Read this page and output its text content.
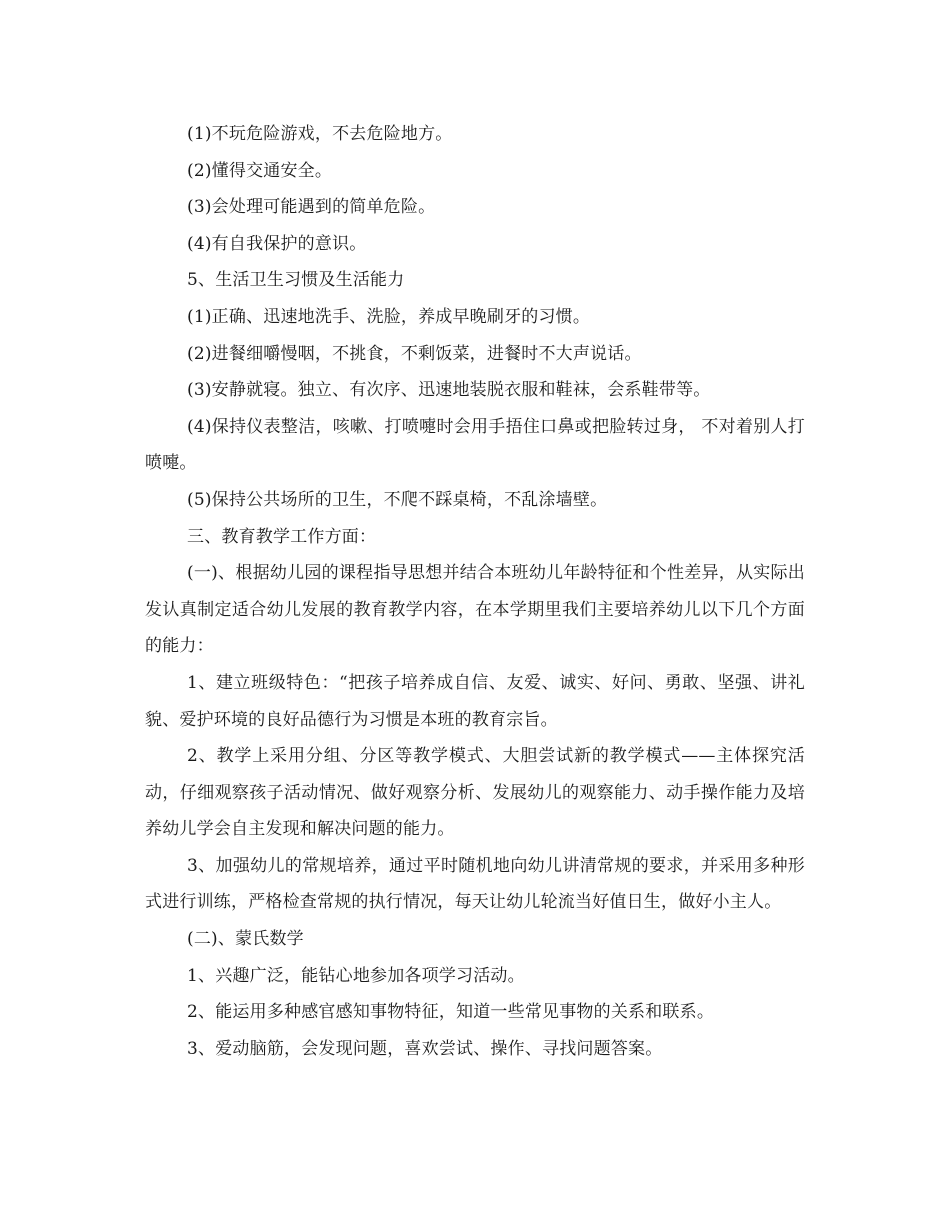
(1)不玩危险游戏，不去危险地方。

(2)懂得交通安全。

(3)会处理可能遇到的简单危险。

(4)有自我保护的意识。

5、生活卫生习惯及生活能力

(1)正确、迅速地洗手、洗脸，养成早晚刷牙的习惯。

(2)进餐细嚼慢咽，不挑食，不剩饭菜，进餐时不大声说话。

(3)安静就寝。独立、有次序、迅速地装脱衣服和鞋袜，会系鞋带等。

(4)保持仪表整洁，咳嗽、打喷嚏时会用手捂住口鼻或把脸转过身， 不对着别人打喷嚏。

(5)保持公共场所的卫生，不爬不踩桌椅，不乱涂墙壁。

三、教育教学工作方面：

(一)、根据幼儿园的课程指导思想并结合本班幼儿年龄特征和个性差异，从实际出发认真制定适合幼儿发展的教育教学内容，在本学期里我们主要培养幼儿以下几个方面的能力：

1、建立班级特色：“把孩子培养成自信、友爱、诚实、好问、勇敢、坚强、讲礼貌、爱护环境的良好品德行为习惯是本班的教育宗旨。

2、教学上采用分组、分区等教学模式、大胆尝试新的教学模式——主体探究活动，仔细观察孩子活动情况、做好观察分析、发展幼儿的观察能力、动手操作能力及培养幼儿学会自主发现和解决问题的能力。

3、加强幼儿的常规培养，通过平时随机地向幼儿讲清常规的要求，并采用多种形式进行训练，严格检查常规的执行情况，每天让幼儿轮流当好值日生，做好小主人。

(二)、蒙氏数学

1、兴趣广泛，能钻心地参加各项学习活动。

2、能运用多种感官感知事物特征，知道一些常见事物的关系和联系。

3、爱动脑筋，会发现问题，喜欢尝试、操作、寻找问题答案。
